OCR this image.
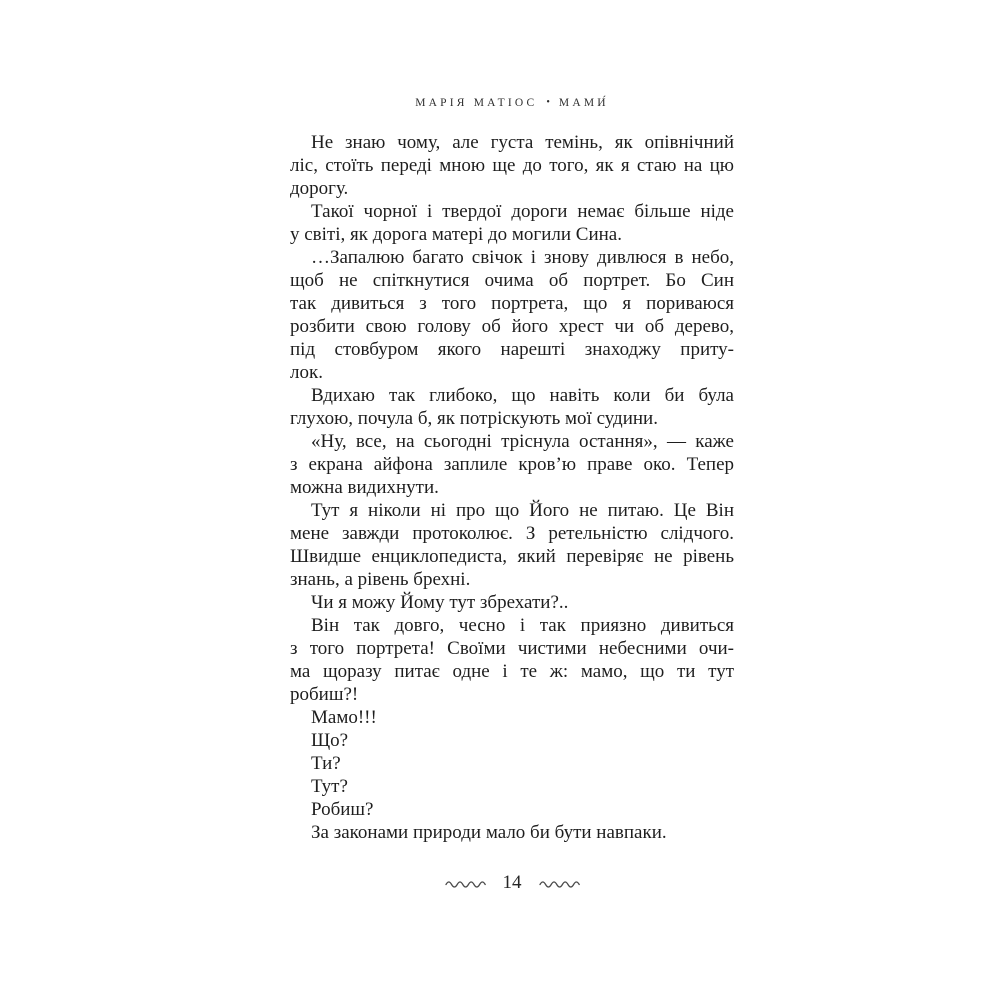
МАРІЯ МАТІОС • МАМИ́
Не знаю чому, але густа темінь, як опівнічний
ліс, стоїть переді мною ще до того, як я стаю на цю
дорогу.
Такої чорної і твердої дороги немає більше ніде
у світі, як дорога матері до могили Сина.
…Запалюю багато свічок і знову дивлюся в небо,
щоб не спіткнутися очима об портрет. Бо Син
так дивиться з того портрета, що я пориваюся
розбити свою голову об його хрест чи об дерево,
під стовбуром якого нарешті знаходжу приту-
лок.
Вдихаю так глибоко, що навіть коли би була
глухою, почула б, як потріскують мої судини.
«Ну, все, на сьогодні тріснула остання», — каже
з екрана айфона заплиле кров’ю праве око. Тепер
можна видихнути.
Тут я ніколи ні про що Його не питаю. Це Він
мене завжди протоколює. З ретельністю слідчого.
Швидше енциклопедиста, який перевіряє не рівень
знань, а рівень брехні.
Чи я можу Йому тут збрехати?..
Він так довго, чесно і так приязно дивиться
з того портрета! Своїми чистими небесними очи-
ма щоразу питає одне і те ж: мамо, що ти тут
робиш?!
Мамо!!!
Що?
Ти?
Тут?
Робиш?
За законами природи мало би бути навпаки.
14
